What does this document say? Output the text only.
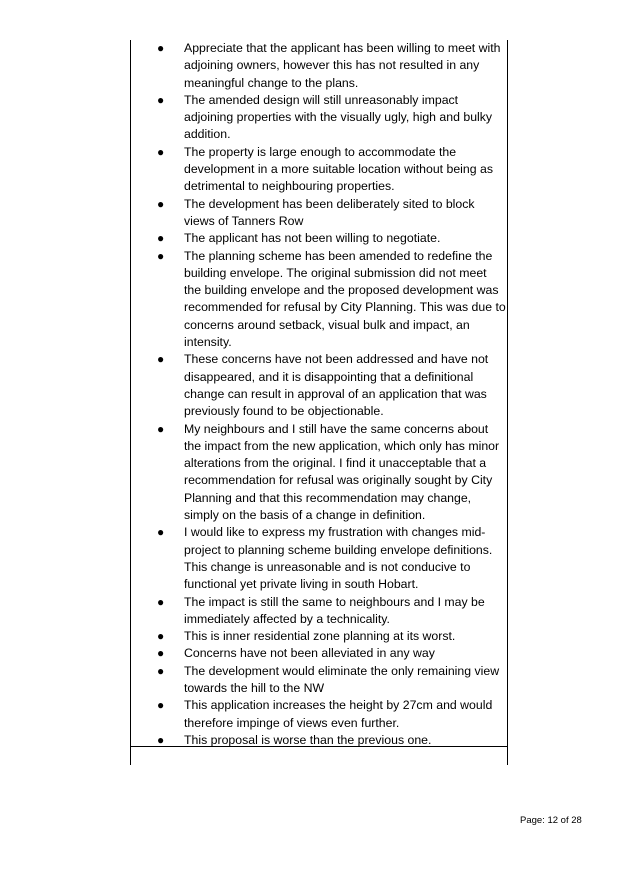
● Appreciate that the applicant has been willing to meet with adjoining owners, however this has not resulted in any meaningful change to the plans.
● The amended design will still unreasonably impact adjoining properties with the visually ugly, high and bulky addition.
● The property is large enough to accommodate the development in a more suitable location without being as detrimental to neighbouring properties.
● The development has been deliberately sited to block views of Tanners Row
● The applicant has not been willing to negotiate.
● The planning scheme has been amended to redefine the building envelope. The original submission did not meet the building envelope and the proposed development was recommended for refusal by City Planning. This was due to concerns around setback, visual bulk and impact, an intensity.
● These concerns have not been addressed and have not disappeared, and it is disappointing that a definitional change can result in approval of an application that was previously found to be objectionable.
● My neighbours and I still have the same concerns about the impact from the new application, which only has minor alterations from the original. I find it unacceptable that a recommendation for refusal was originally sought by City Planning and that this recommendation may change, simply on the basis of a change in definition.
● I would like to express my frustration with changes mid-project to planning scheme building envelope definitions. This change is unreasonable and is not conducive to functional yet private living in south Hobart.
● The impact is still the same to neighbours and I may be immediately affected by a technicality.
● This is inner residential zone planning at its worst.
● Concerns have not been alleviated in any way
● The development would eliminate the only remaining view towards the hill to the NW
● This application increases the height by 27cm and would therefore impinge of views even further.
● This proposal is worse than the previous one.
Page: 12 of 28
